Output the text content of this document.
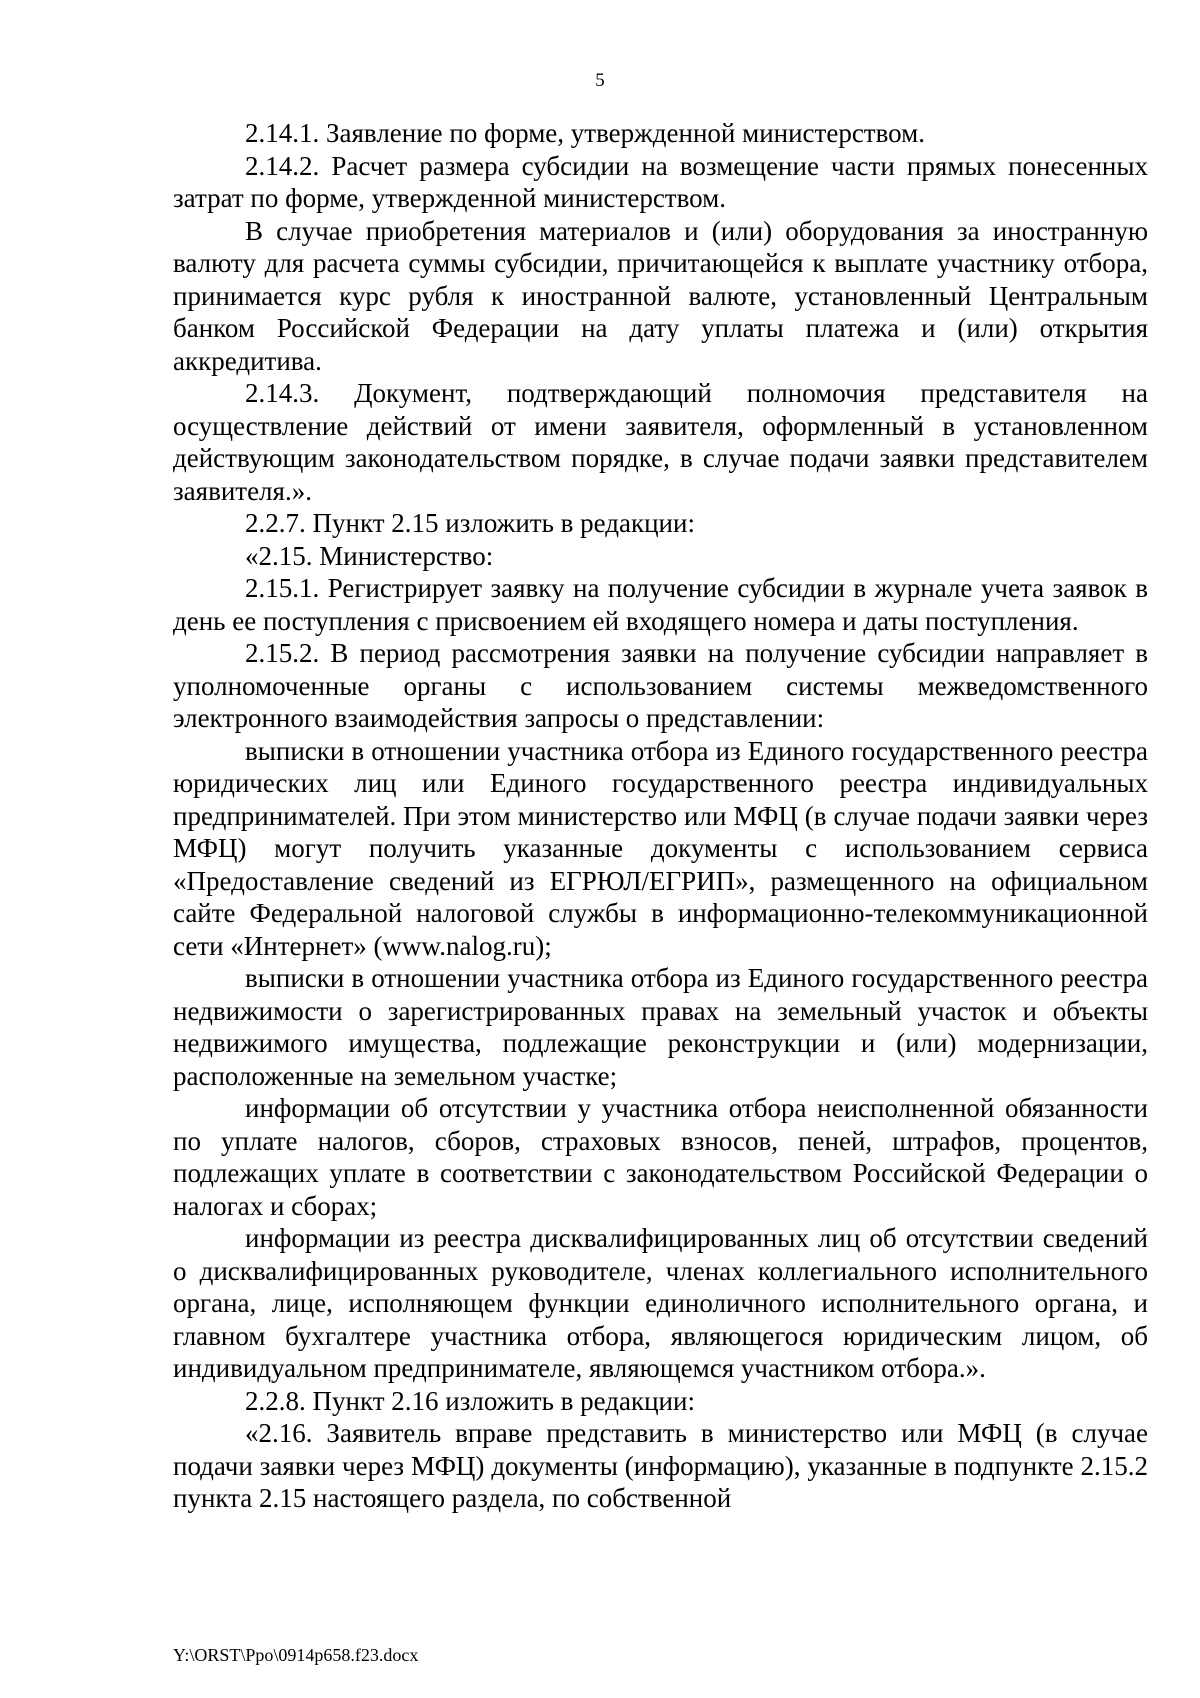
5

2.14.1. Заявление по форме, утвержденной министерством.

2.14.2. Расчет размера субсидии на возмещение части прямых понесенных затрат по форме, утвержденной министерством.

В случае приобретения материалов и (или) оборудования за иностранную валюту для расчета суммы субсидии, причитающейся к выплате участнику отбора, принимается курс рубля к иностранной валюте, установленный Центральным банком Российской Федерации на дату уплаты платежа и (или) открытия аккредитива.

2.14.3. Документ, подтверждающий полномочия представителя на осуществление действий от имени заявителя, оформленный в установленном действующим законодательством порядке, в случае подачи заявки представителем заявителя.».

2.2.7. Пункт 2.15 изложить в редакции:

«2.15. Министерство:

2.15.1. Регистрирует заявку на получение субсидии в журнале учета заявок в день ее поступления с присвоением ей входящего номера и даты поступления.

2.15.2. В период рассмотрения заявки на получение субсидии направляет в уполномоченные органы с использованием системы межведомственного электронного взаимодействия запросы о представлении:

выписки в отношении участника отбора из Единого государственного реестра юридических лиц или Единого государственного реестра индивидуальных предпринимателей. При этом министерство или МФЦ (в случае подачи заявки через МФЦ) могут получить указанные документы с использованием сервиса «Предоставление сведений из ЕГРЮЛ/ЕГРИП», размещенного на официальном сайте Федеральной налоговой службы в информационно-телекоммуникационной сети «Интернет» (www.nalog.ru);

выписки в отношении участника отбора из Единого государственного реестра недвижимости о зарегистрированных правах на земельный участок и объекты недвижимого имущества, подлежащие реконструкции и (или) модернизации, расположенные на земельном участке;

информации об отсутствии у участника отбора неисполненной обязанности по уплате налогов, сборов, страховых взносов, пеней, штрафов, процентов, подлежащих уплате в соответствии с законодательством Российской Федерации о налогах и сборах;

информации из реестра дисквалифицированных лиц об отсутствии сведений о дисквалифицированных руководителе, членах коллегиального исполнительного органа, лице, исполняющем функции единоличного исполнительного органа, и главном бухгалтере участника отбора, являющегося юридическим лицом, об индивидуальном предпринимателе, являющемся участником отбора.».

2.2.8. Пункт 2.16 изложить в редакции:

«2.16. Заявитель вправе представить в министерство или МФЦ (в случае подачи заявки через МФЦ) документы (информацию), указанные в подпункте 2.15.2 пункта 2.15 настоящего раздела, по собственной

Y:\ORST\Ppo\0914p658.f23.docx
